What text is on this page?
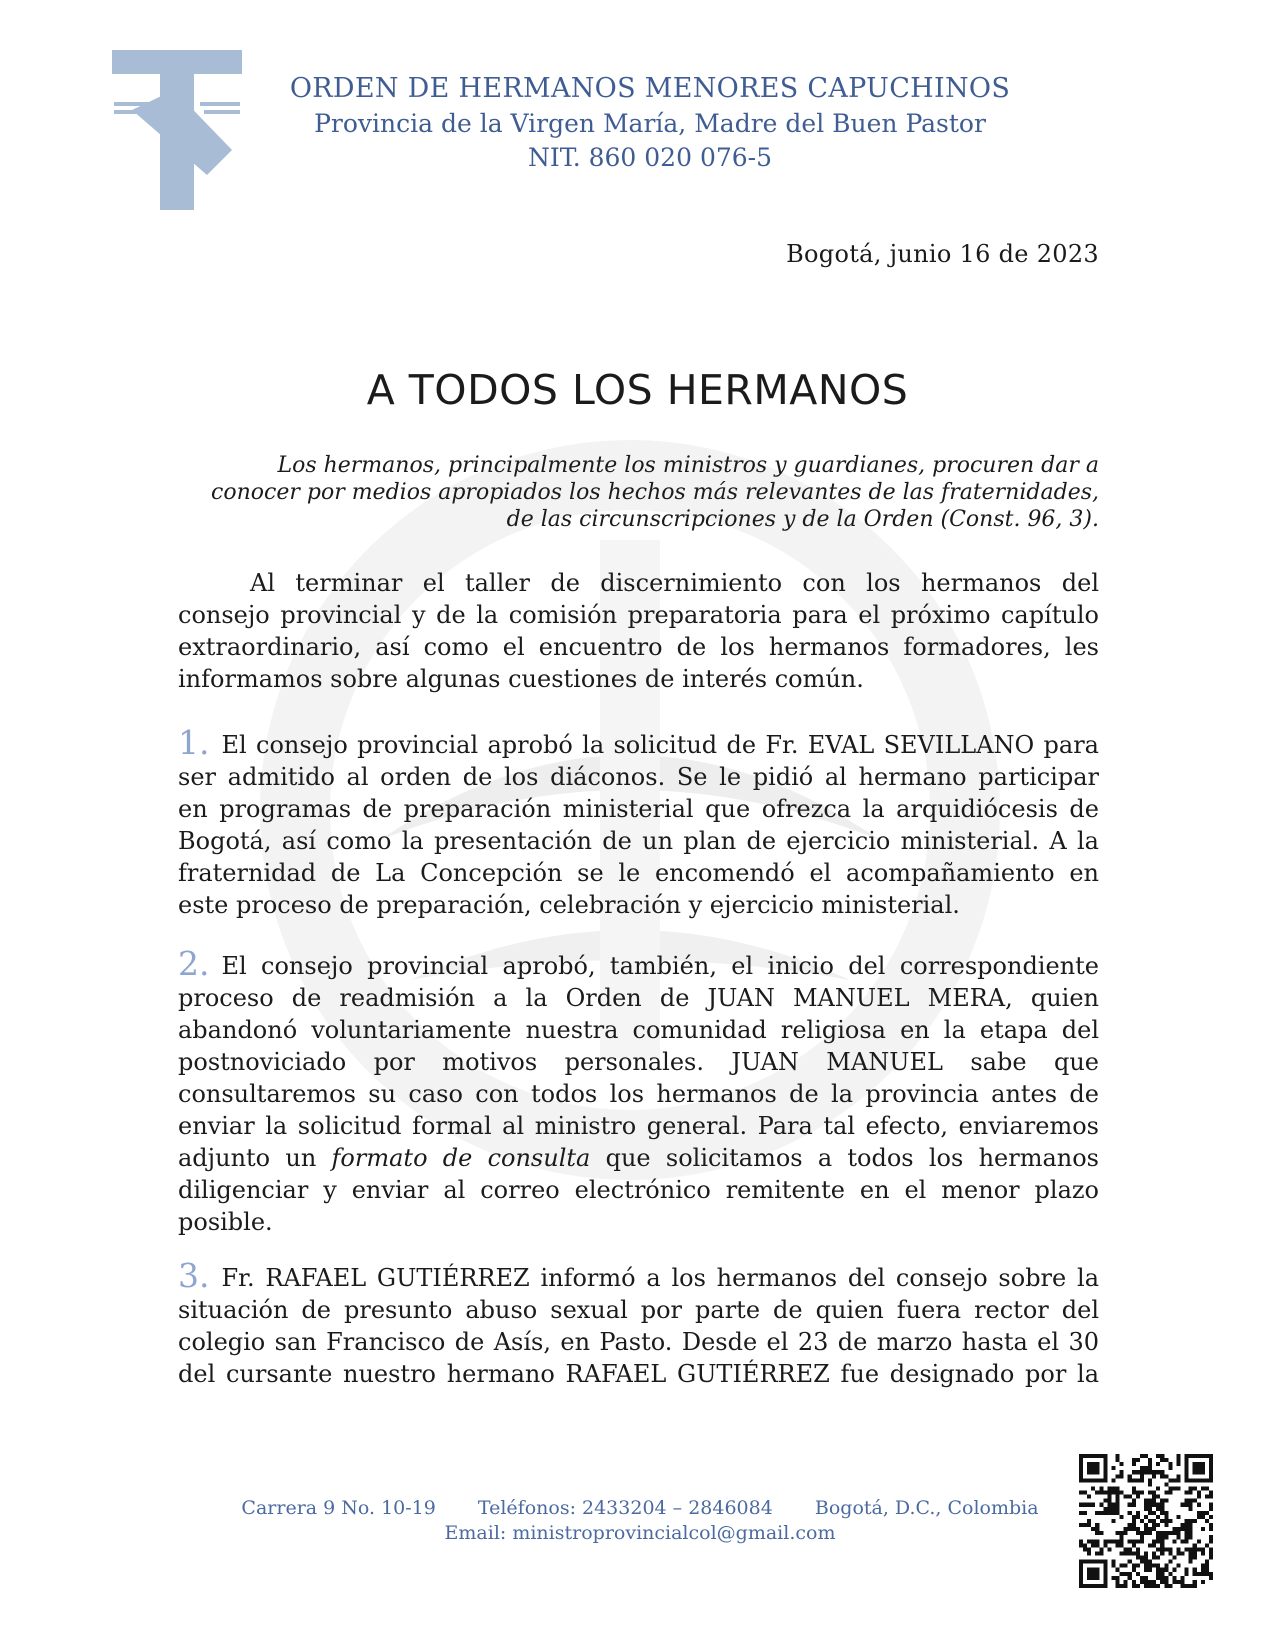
ORDEN DE HERMANOS MENORES CAPUCHINOS
Provincia de la Virgen María, Madre del Buen Pastor
NIT. 860 020 076-5
Bogotá, junio 16 de 2023
A TODOS LOS HERMANOS
Los hermanos, principalmente los ministros y guardianes, procuren dar a
conocer por medios apropiados los hechos más relevantes de las fraternidades,
de las circunscripciones y de la Orden (Const. 96, 3).
Al terminar el taller de discernimiento con los hermanos del
consejo provincial y de la comisión preparatoria para el próximo capítulo
extraordinario, así como el encuentro de los hermanos formadores, les
informamos sobre algunas cuestiones de interés común.
1. El consejo provincial aprobó la solicitud de Fr. EVAL SEVILLANO para
ser admitido al orden de los diáconos. Se le pidió al hermano participar
en programas de preparación ministerial que ofrezca la arquidiócesis de
Bogotá, así como la presentación de un plan de ejercicio ministerial. A la
fraternidad de La Concepción se le encomendó el acompañamiento en
este proceso de preparación, celebración y ejercicio ministerial.
2. El consejo provincial aprobó, también, el inicio del correspondiente
proceso de readmisión a la Orden de JUAN MANUEL MERA, quien
abandonó voluntariamente nuestra comunidad religiosa en la etapa del
postnoviciado por motivos personales. JUAN MANUEL sabe que
consultaremos su caso con todos los hermanos de la provincia antes de
enviar la solicitud formal al ministro general. Para tal efecto, enviaremos
adjunto un formato de consulta que solicitamos a todos los hermanos
diligenciar y enviar al correo electrónico remitente en el menor plazo
posible.
3. Fr. RAFAEL GUTIÉRREZ informó a los hermanos del consejo sobre la
situación de presunto abuso sexual por parte de quien fuera rector del
colegio san Francisco de Asís, en Pasto. Desde el 23 de marzo hasta el 30
del cursante nuestro hermano RAFAEL GUTIÉRREZ fue designado por la
Carrera 9 No. 10-19 Teléfonos: 2433204 – 2846084 Bogotá, D.C., Colombia
Email: ministroprovincialcol@gmail.com
